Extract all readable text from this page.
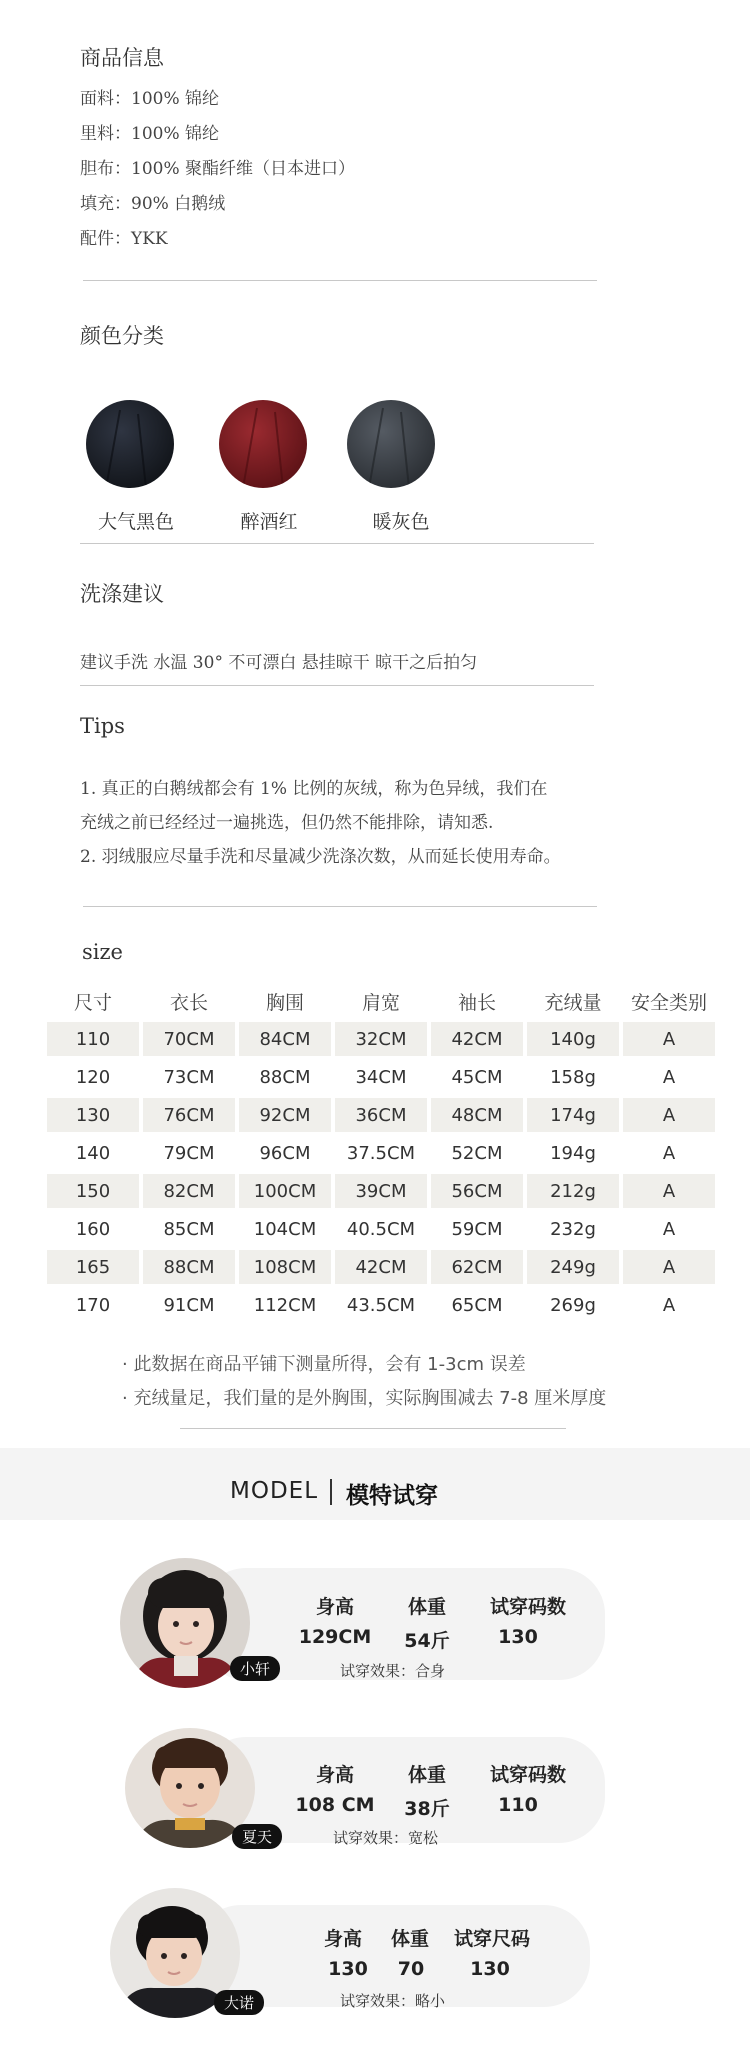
商品信息
面料：100% 锦纶
里料：100% 锦纶
胆布：100% 聚酯纤维（日本进口）
填充：90% 白鹅绒
配件：YKK
颜色分类
大气黑色	醉酒红	暖灰色
洗涤建议
建议手洗 水温 30° 不可漂白 悬挂晾干 晾干之后拍匀
Tips
1. 真正的白鹅绒都会有 1% 比例的灰绒，称为色异绒，我们在
充绒之前已经经过一遍挑选，但仍然不能排除，请知悉.
2. 羽绒服应尽量手洗和尽量减少洗涤次数，从而延长使用寿命。
size
尺寸	衣长	胸围	肩宽	袖长	充绒量	安全类别
110	70CM	84CM	32CM	42CM	140g	A
120	73CM	88CM	34CM	45CM	158g	A
130	76CM	92CM	36CM	48CM	174g	A
140	79CM	96CM	37.5CM	52CM	194g	A
150	82CM	100CM	39CM	56CM	212g	A
160	85CM	104CM	40.5CM	59CM	232g	A
165	88CM	108CM	42CM	62CM	249g	A
170	91CM	112CM	43.5CM	65CM	269g	A
· 此数据在商品平铺下测量所得，会有 1-3cm 误差
· 充绒量足，我们量的是外胸围，实际胸围减去 7-8 厘米厚度
MODEL 模特试穿
小轩
身高	体重	试穿码数
129CM	54斤	130
试穿效果：合身
夏天
身高	体重	试穿码数
108 CM	38斤	110
试穿效果：宽松
大诺
身高	体重	试穿尺码
130	70	130
试穿效果：略小
